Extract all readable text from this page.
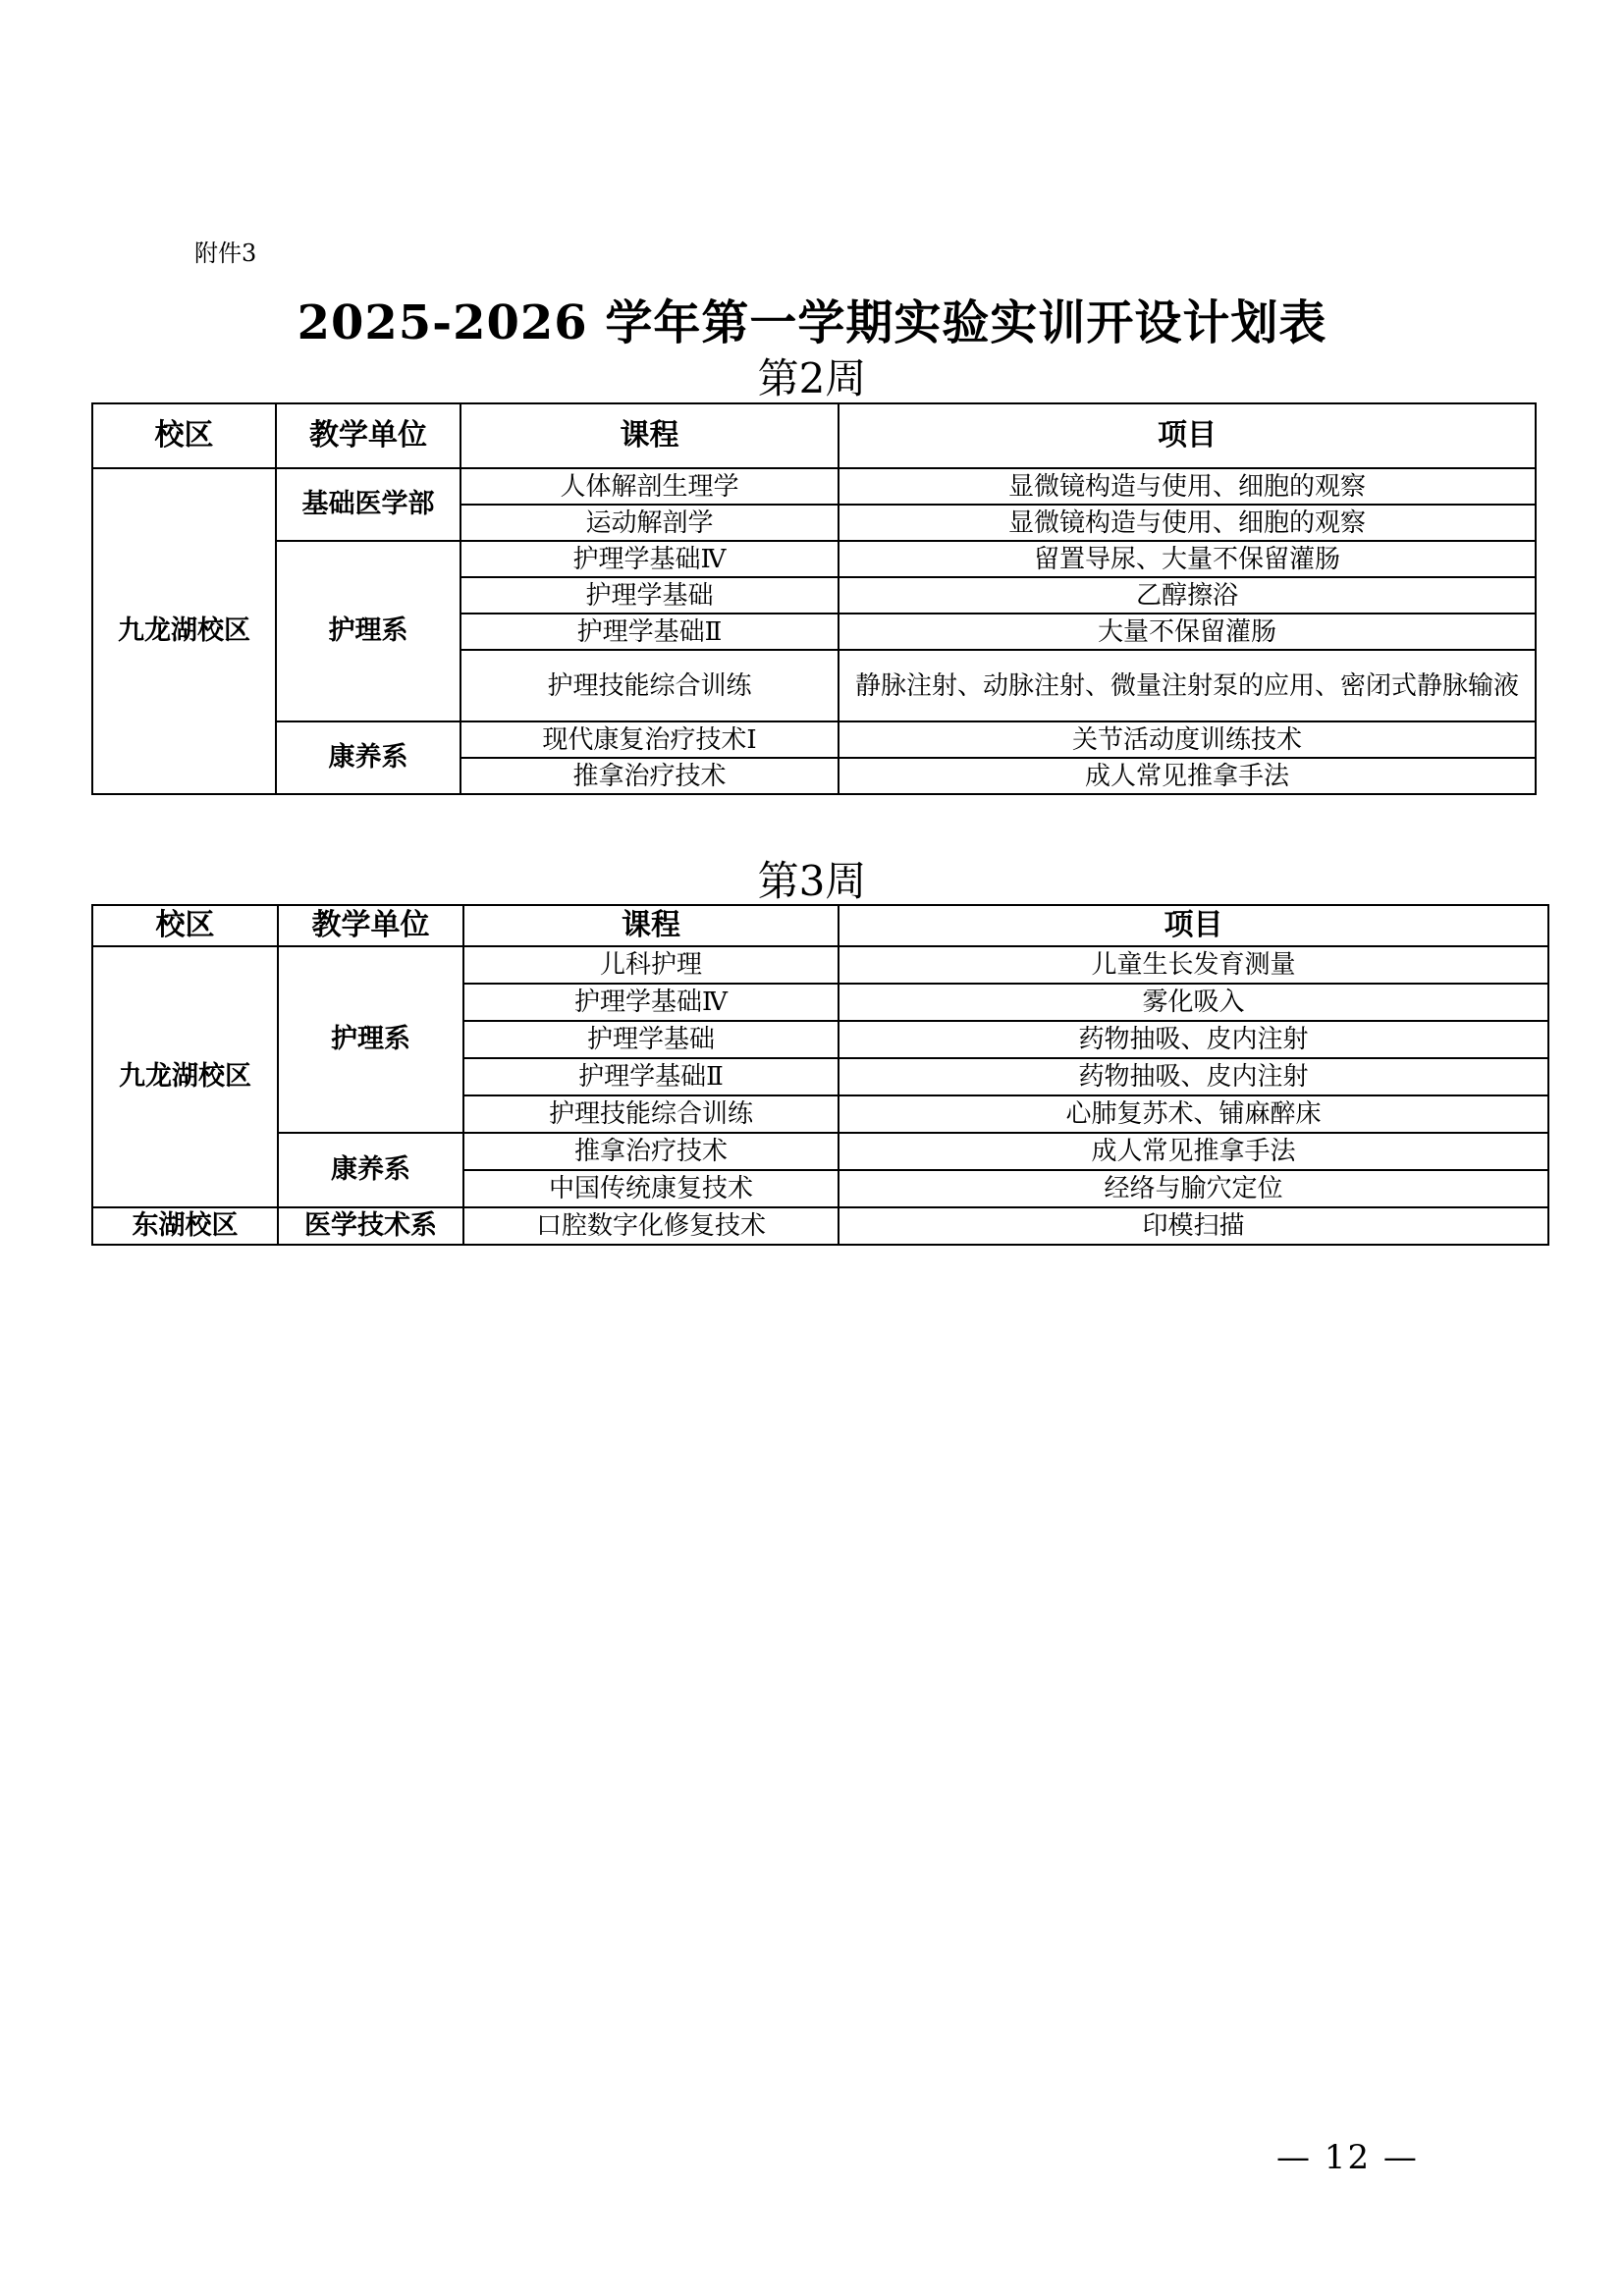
附件3
2025-2026 学年第一学期实验实训开设计划表
第2周
校区	教学单位	课程	项目
九龙湖校区	基础医学部	人体解剖生理学	显微镜构造与使用、细胞的观察
		运动解剖学	显微镜构造与使用、细胞的观察
	护理系	护理学基础Ⅳ	留置导尿、大量不保留灌肠
		护理学基础	乙醇擦浴
		护理学基础Ⅱ	大量不保留灌肠
		护理技能综合训练	静脉注射、动脉注射、微量注射泵的应用、密闭式静脉输液
	康养系	现代康复治疗技术Ⅰ	关节活动度训练技术
		推拿治疗技术	成人常见推拿手法
第3周
校区	教学单位	课程	项目
九龙湖校区	护理系	儿科护理	儿童生长发育测量
		护理学基础Ⅳ	雾化吸入
		护理学基础	药物抽吸、皮内注射
		护理学基础Ⅱ	药物抽吸、皮内注射
		护理技能综合训练	心肺复苏术、铺麻醉床
	康养系	推拿治疗技术	成人常见推拿手法
		中国传统康复技术	经络与腧穴定位
东湖校区	医学技术系	口腔数字化修复技术	印模扫描
— 12 —
